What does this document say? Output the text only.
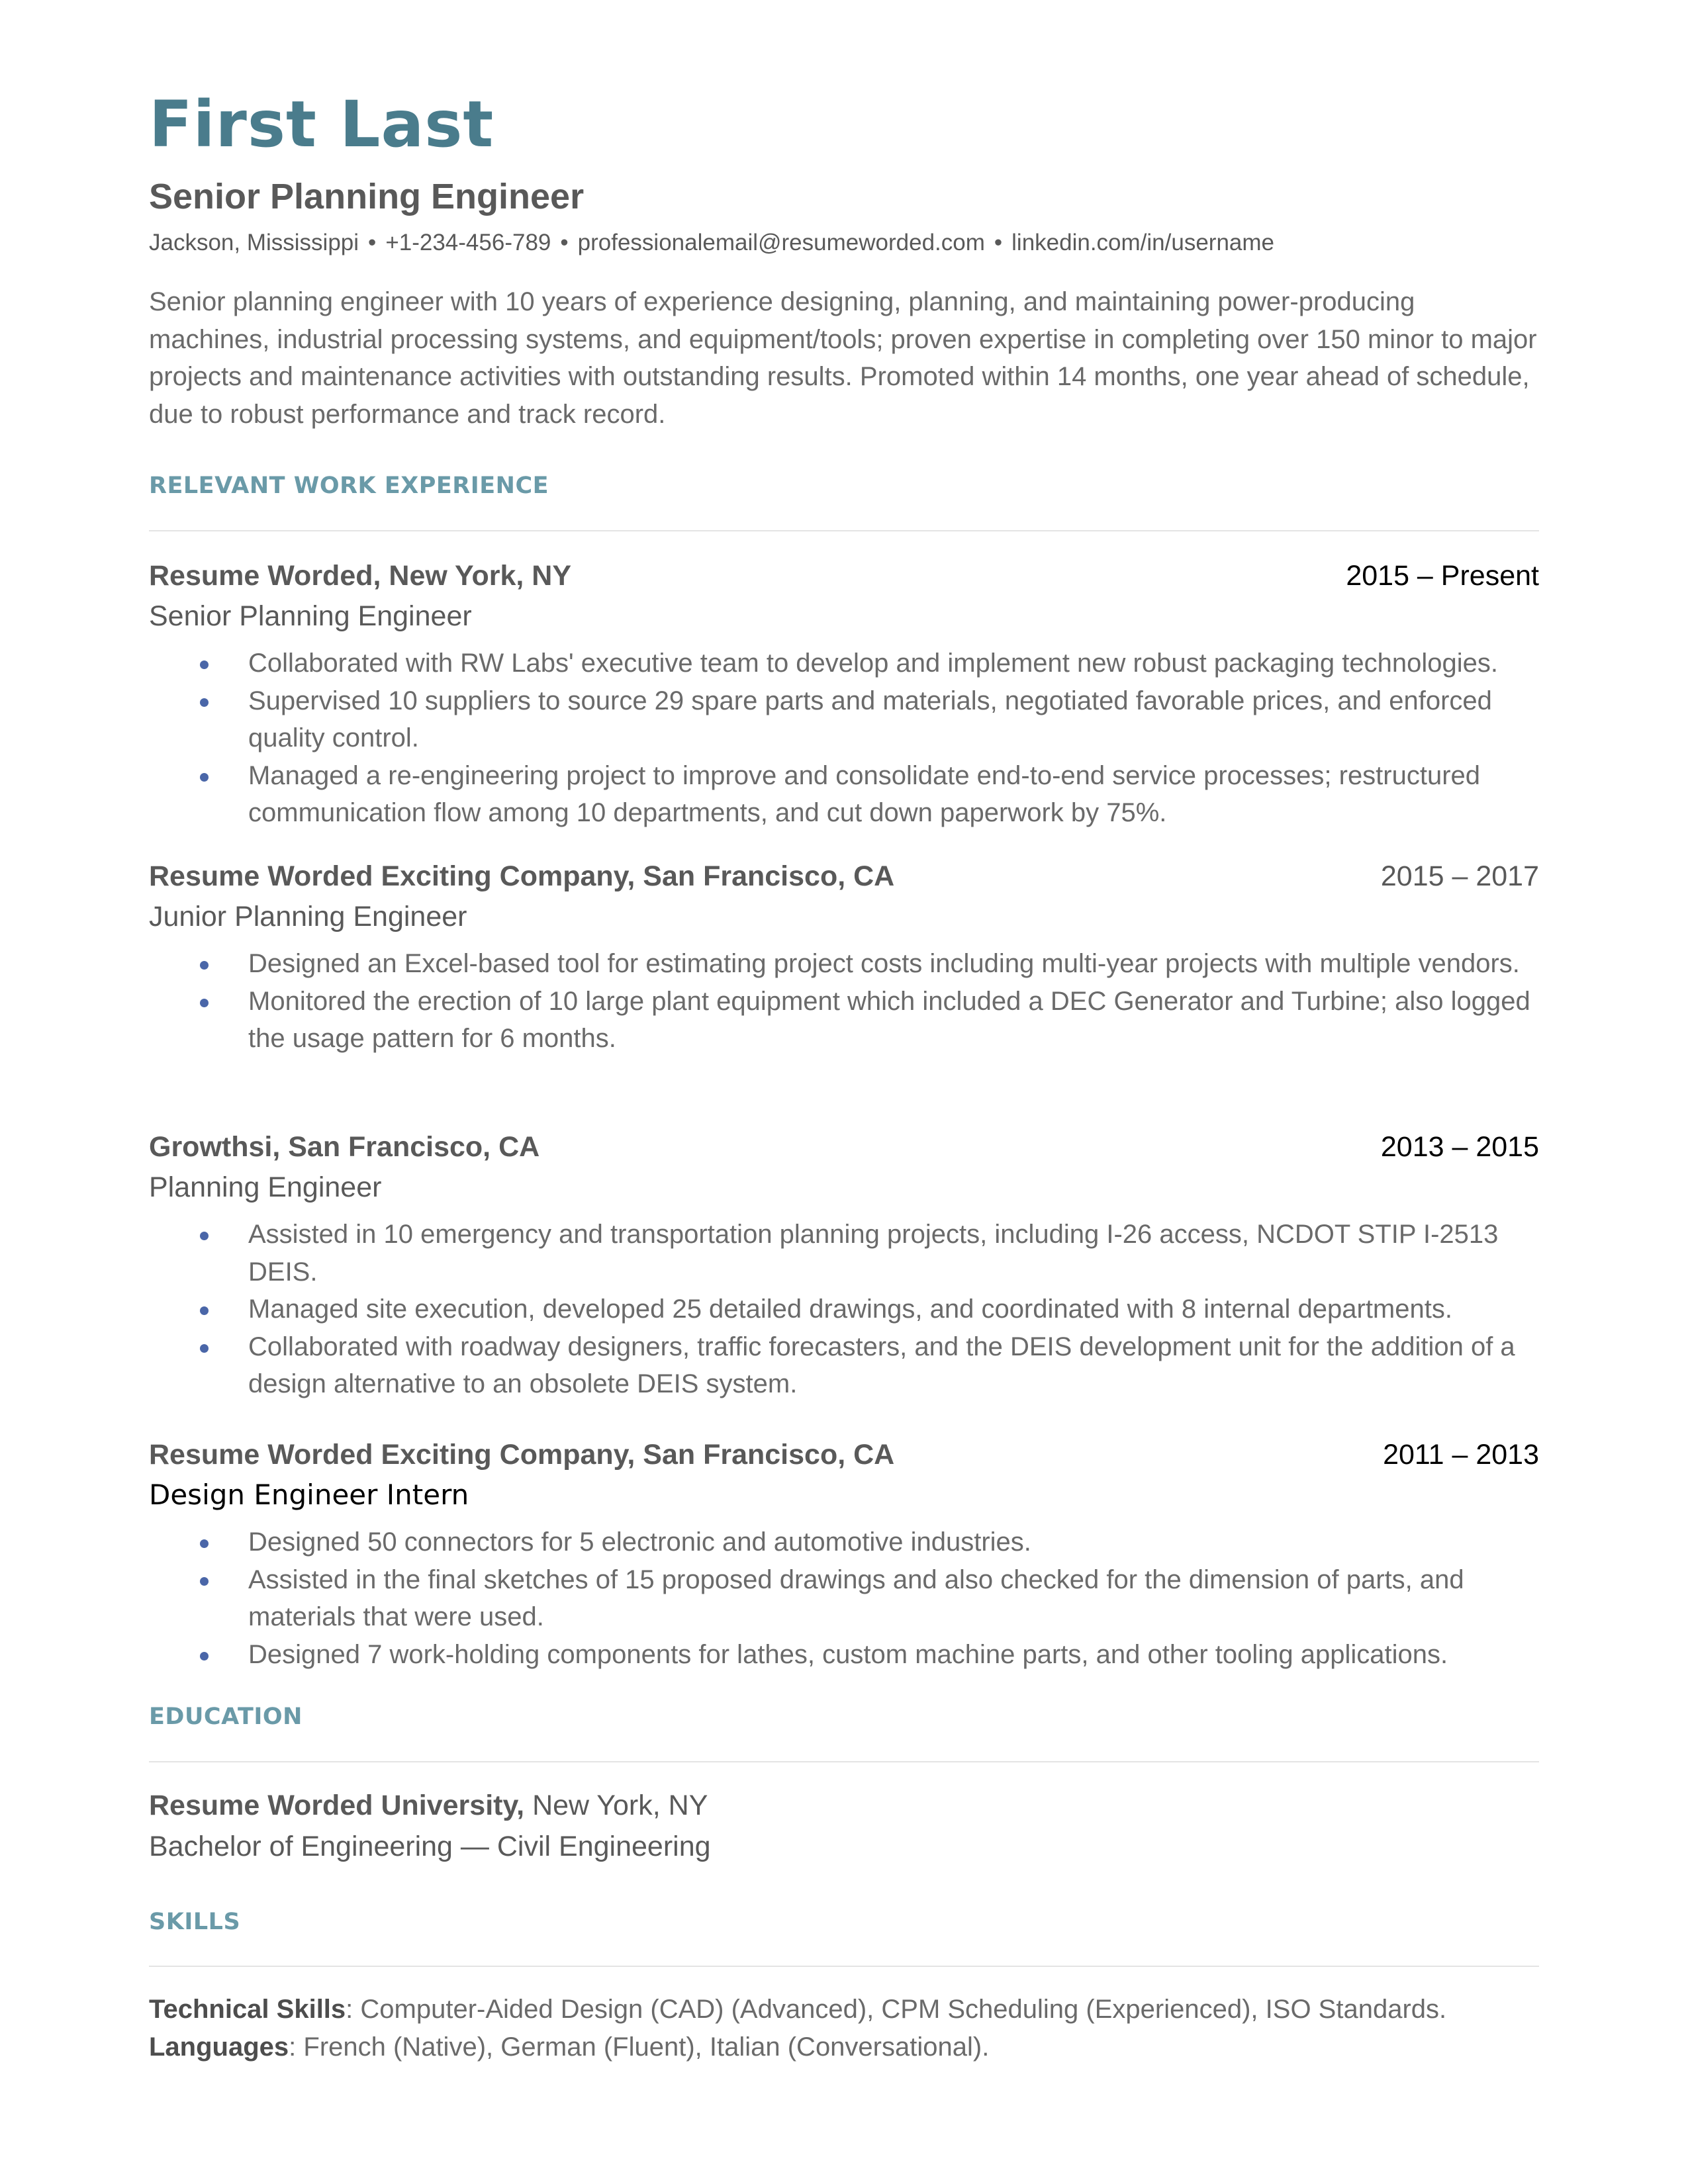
First Last
Senior Planning Engineer
Jackson, Mississippi • +1-234-456-789 • professionalemail@resumeworded.com • linkedin.com/in/username

Senior planning engineer with 10 years of experience designing, planning, and maintaining power-producing machines, industrial processing systems, and equipment/tools; proven expertise in completing over 150 minor to major projects and maintenance activities with outstanding results. Promoted within 14 months, one year ahead of schedule, due to robust performance and track record.

RELEVANT WORK EXPERIENCE
Resume Worded, New York, NY	2015 – Present

Senior Planning Engineer

Collaborated with RW Labs' executive team to develop and implement new robust packaging technologies.
Supervised 10 suppliers to source 29 spare parts and materials, negotiated favorable prices, and enforced quality control.
Managed a re-engineering project to improve and consolidate end-to-end service processes; restructured communication flow among 10 departments, and cut down paperwork by 75%.
Resume Worded Exciting Company, San Francisco, CA	2015 – 2017

Junior Planning Engineer

Designed an Excel-based tool for estimating project costs including multi-year projects with multiple vendors.
Monitored the erection of 10 large plant equipment which included a DEC Generator and Turbine; also logged the usage pattern for 6 months.
Growthsi, San Francisco, CA	2013 – 2015

Planning Engineer

Assisted in 10 emergency and transportation planning projects, including I-26 access, NCDOT STIP I-2513 DEIS.
Managed site execution, developed 25 detailed drawings, and coordinated with 8 internal departments.
Collaborated with roadway designers, traffic forecasters, and the DEIS development unit for the addition of a design alternative to an obsolete DEIS system.
Resume Worded Exciting Company, San Francisco, CA	2011 – 2013

Design Engineer Intern

Designed 50 connectors for 5 electronic and automotive industries.
Assisted in the final sketches of 15 proposed drawings and also checked for the dimension of parts, and materials that were used.
Designed 7 work-holding components for lathes, custom machine parts, and other tooling applications.
EDUCATION

Resume Worded University, New York, NY

Bachelor of Engineering — Civil Engineering

SKILLS
Technical Skills: Computer-Aided Design (CAD) (Advanced), CPM Scheduling (Experienced), ISO Standards.
Languages: French (Native), German (Fluent), Italian (Conversational).
